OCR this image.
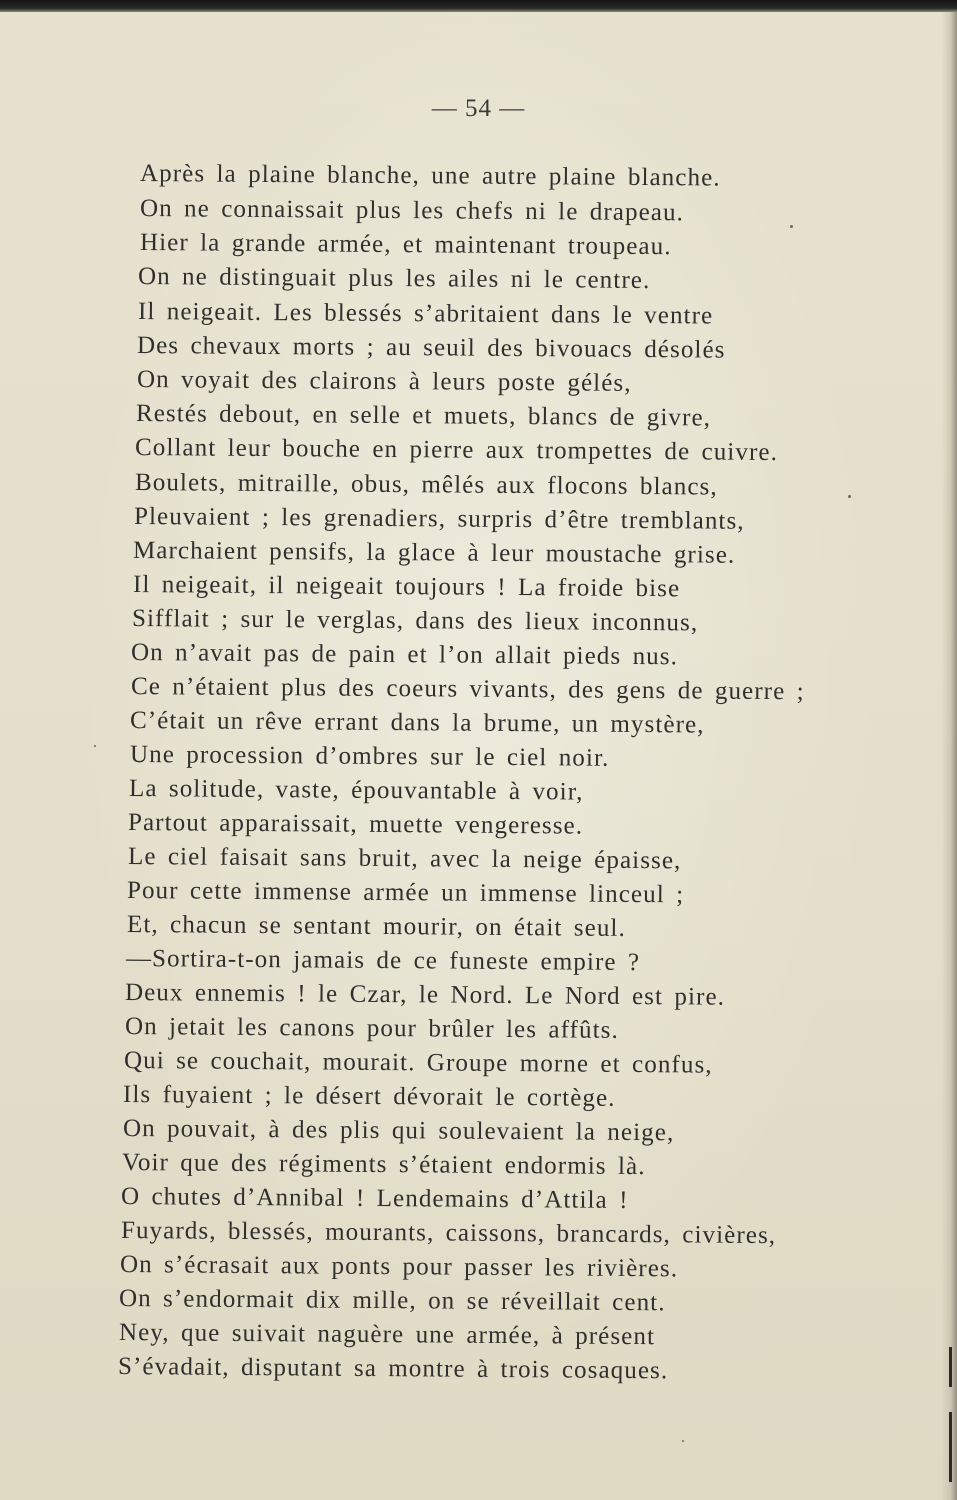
— 54 —
Après la plaine blanche, une autre plaine blanche.
On ne connaissait plus les chefs ni le drapeau.
Hier la grande armée, et maintenant troupeau.
On ne distinguait plus les ailes ni le centre.
Il neigeait. Les blessés s’abritaient dans le ventre
Des chevaux morts ; au seuil des bivouacs désolés
On voyait des clairons à leurs poste gélés,
Restés debout, en selle et muets, blancs de givre,
Collant leur bouche en pierre aux trompettes de cuivre.
Boulets, mitraille, obus, mêlés aux flocons blancs,
Pleuvaient ; les grenadiers, surpris d’être tremblants,
Marchaient pensifs, la glace à leur moustache grise.
Il neigeait, il neigeait toujours ! La froide bise
Sifflait ; sur le verglas, dans des lieux inconnus,
On n’avait pas de pain et l’on allait pieds nus.
Ce n’étaient plus des coeurs vivants, des gens de guerre ;
C’était un rêve errant dans la brume, un mystère,
Une procession d’ombres sur le ciel noir.
La solitude, vaste, épouvantable à voir,
Partout apparaissait, muette vengeresse.
Le ciel faisait sans bruit, avec la neige épaisse,
Pour cette immense armée un immense linceul ;
Et, chacun se sentant mourir, on était seul.
—Sortira-t-on jamais de ce funeste empire ?
Deux ennemis ! le Czar, le Nord. Le Nord est pire.
On jetait les canons pour brûler les affûts.
Qui se couchait, mourait. Groupe morne et confus,
Ils fuyaient ; le désert dévorait le cortège.
On pouvait, à des plis qui soulevaient la neige,
Voir que des régiments s’étaient endormis là.
O chutes d’Annibal ! Lendemains d’Attila !
Fuyards, blessés, mourants, caissons, brancards, civières,
On s’écrasait aux ponts pour passer les rivières.
On s’endormait dix mille, on se réveillait cent.
Ney, que suivait naguère une armée, à présent
S’évadait, disputant sa montre à trois cosaques.
